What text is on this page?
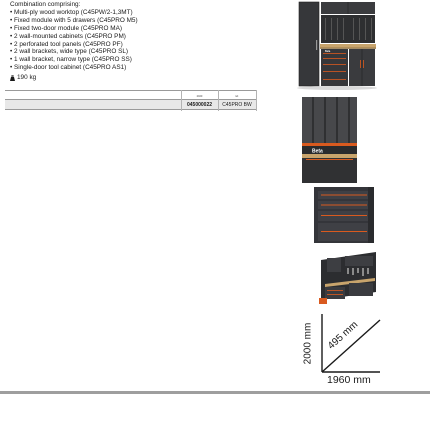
Combination comprising:
• Multi-ply wood worktop (C45PW/2-1,3MT)
• Fixed module with 5 drawers (C45PRO M5)
• Fixed two-door module (C45PRO MA)
• 2 wall-mounted cabinets (C45PRO PM)
• 2 perforated tool panels (C45PRO PF)
• 2 wall brackets, wide type (C45PRO SL)
• 1 wall bracket, narrow type (C45PRO SS)
• Single-door tool cabinet (C45PRO AS1)
190 kg
2020	ref.
045000022	C45PRO BW
Beta
Beta
2000 mm 495 mm
1960 mm
